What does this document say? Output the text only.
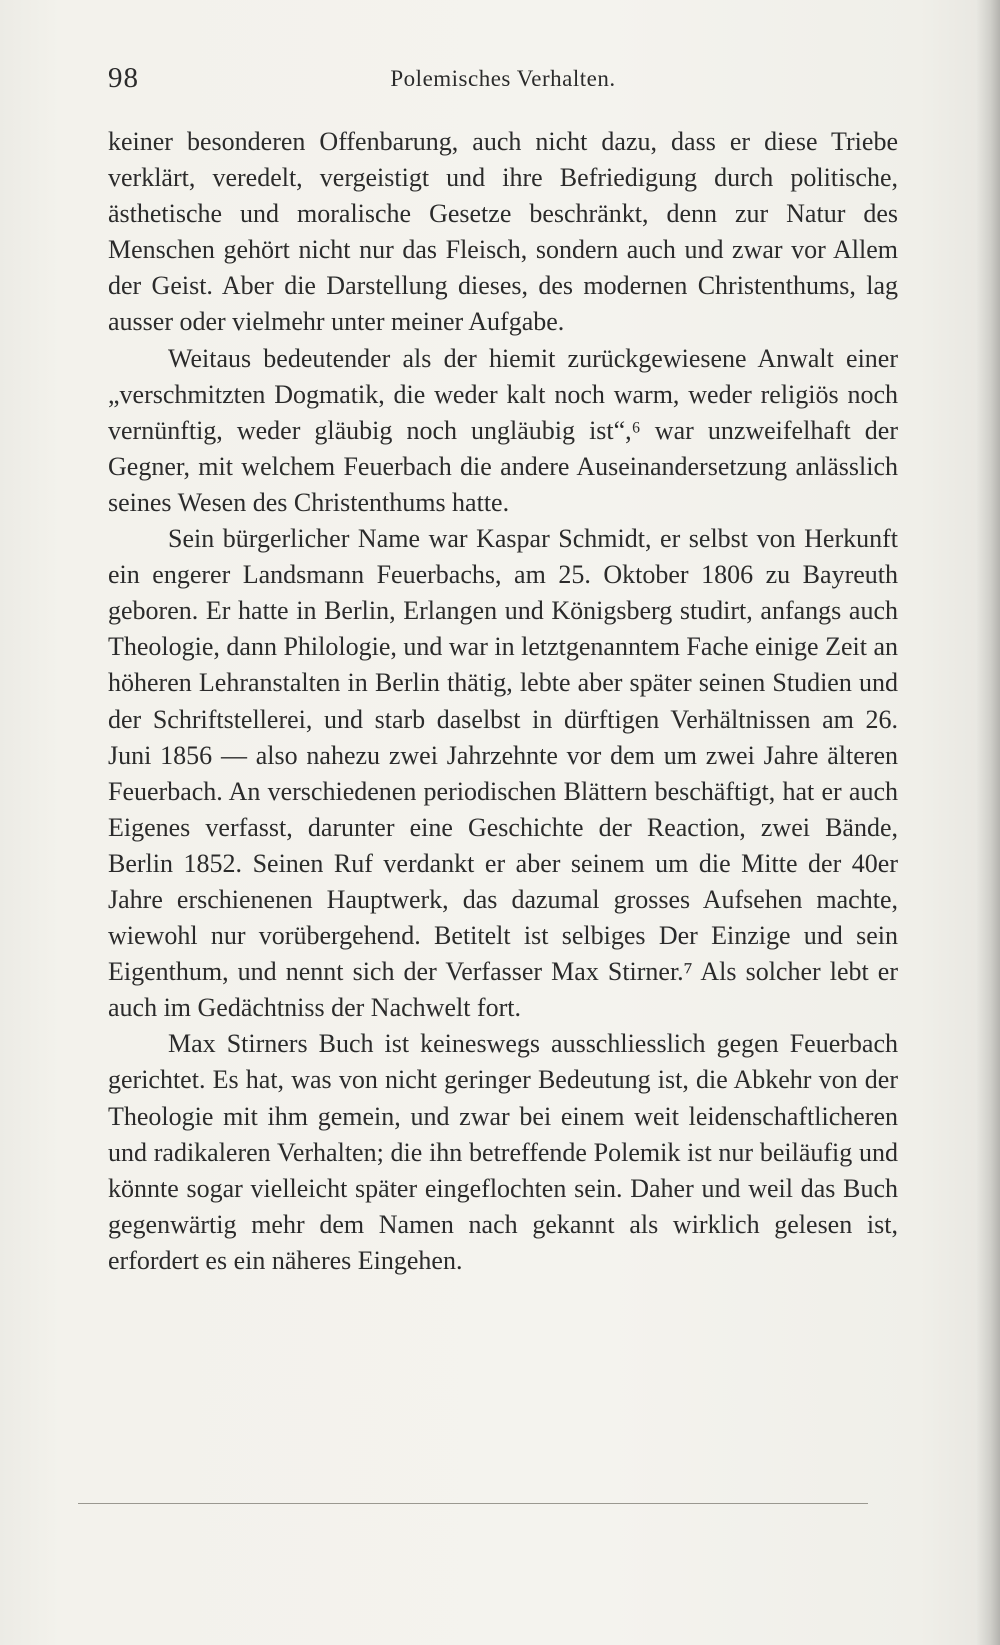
98	Polemisches Verhalten.

keiner besonderen Offenbarung, auch nicht dazu, dass er diese Triebe verklärt, veredelt, vergeistigt und ihre Befriedigung durch politische, ästhetische und moralische Gesetze beschränkt, denn zur Natur des Menschen gehört nicht nur das Fleisch, sondern auch und zwar vor Allem der Geist. Aber die Darstellung dieses, des modernen Christenthums, lag ausser oder vielmehr unter meiner Aufgabe.

Weitaus bedeutender als der hiemit zurückgewiesene Anwalt einer „verschmitzten Dogmatik, die weder kalt noch warm, weder religiös noch vernünftig, weder gläubig noch ungläubig ist“,⁶ war unzweifelhaft der Gegner, mit welchem Feuerbach die andere Auseinandersetzung anlässlich seines Wesen des Christenthums hatte.

Sein bürgerlicher Name war Kaspar Schmidt, er selbst von Herkunft ein engerer Landsmann Feuerbachs, am 25. Oktober 1806 zu Bayreuth geboren. Er hatte in Berlin, Erlangen und Königsberg studirt, anfangs auch Theologie, dann Philologie, und war in letztgenanntem Fache einige Zeit an höheren Lehranstalten in Berlin thätig, lebte aber später seinen Studien und der Schriftstellerei, und starb daselbst in dürftigen Verhältnissen am 26. Juni 1856 — also nahezu zwei Jahrzehnte vor dem um zwei Jahre älteren Feuerbach. An verschiedenen periodischen Blättern beschäftigt, hat er auch Eigenes verfasst, darunter eine Geschichte der Reaction, zwei Bände, Berlin 1852. Seinen Ruf verdankt er aber seinem um die Mitte der 40er Jahre erschienenen Hauptwerk, das dazumal grosses Aufsehen machte, wiewohl nur vorübergehend. Betitelt ist selbiges Der Einzige und sein Eigenthum, und nennt sich der Verfasser Max Stirner.⁷ Als solcher lebt er auch im Gedächtniss der Nachwelt fort.

Max Stirners Buch ist keineswegs ausschliesslich gegen Feuerbach gerichtet. Es hat, was von nicht geringer Bedeutung ist, die Abkehr von der Theologie mit ihm gemein, und zwar bei einem weit leidenschaftlicheren und radikaleren Verhalten; die ihn betreffende Polemik ist nur beiläufig und könnte sogar vielleicht später eingeflochten sein. Daher und weil das Buch gegenwärtig mehr dem Namen nach gekannt als wirklich gelesen ist, erfordert es ein näheres Eingehen.
